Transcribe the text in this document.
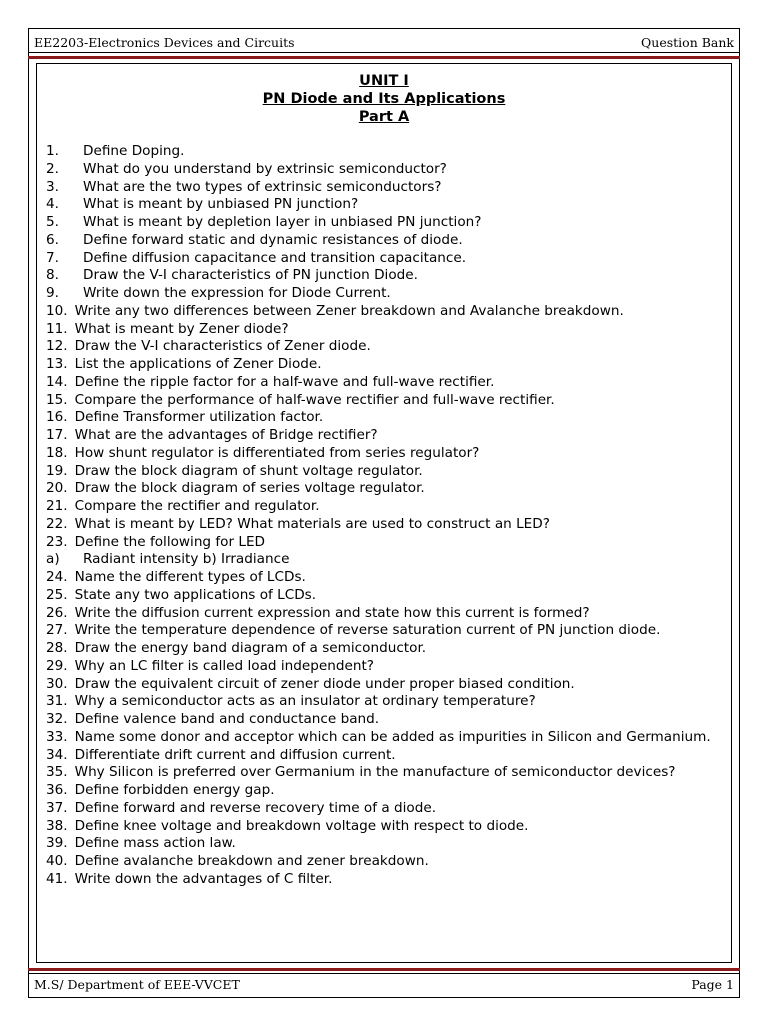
EE2203-Electronics Devices and Circuits	Question Bank
UNIT I
PN Diode and Its Applications
Part A
1. Define Doping.
2. What do you understand by extrinsic semiconductor?
3. What are the two types of extrinsic semiconductors?
4. What is meant by unbiased PN junction?
5. What is meant by depletion layer in unbiased PN junction?
6. Define forward static and dynamic resistances of diode.
7. Define diffusion capacitance and transition capacitance.
8. Draw the V-I characteristics of PN junction Diode.
9. Write down the expression for Diode Current.
10. Write any two differences between Zener breakdown and Avalanche breakdown.
11. What is meant by Zener diode?
12. Draw the V-I characteristics of Zener diode.
13. List the applications of Zener Diode.
14. Define the ripple factor for a half-wave and full-wave rectifier.
15. Compare the performance of half-wave rectifier and full-wave rectifier.
16. Define Transformer utilization factor.
17. What are the advantages of Bridge rectifier?
18. How shunt regulator is differentiated from series regulator?
19. Draw the block diagram of shunt voltage regulator.
20. Draw the block diagram of series voltage regulator.
21. Compare the rectifier and regulator.
22. What is meant by LED? What materials are used to construct an LED?
23. Define the following for LED
a) Radiant intensity b) Irradiance
24. Name the different types of LCDs.
25. State any two applications of LCDs.
26. Write the diffusion current expression and state how this current is formed?
27. Write the temperature dependence of reverse saturation current of PN junction diode.
28. Draw the energy band diagram of a semiconductor.
29. Why an LC filter is called load independent?
30. Draw the equivalent circuit of zener diode under proper biased condition.
31. Why a semiconductor acts as an insulator at ordinary temperature?
32. Define valence band and conductance band.
33. Name some donor and acceptor which can be added as impurities in Silicon and Germanium.
34. Differentiate drift current and diffusion current.
35. Why Silicon is preferred over Germanium in the manufacture of semiconductor devices?
36. Define forbidden energy gap.
37. Define forward and reverse recovery time of a diode.
38. Define knee voltage and breakdown voltage with respect to diode.
39. Define mass action law.
40. Define avalanche breakdown and zener breakdown.
41. Write down the advantages of C filter.
M.S/ Department of EEE-VVCET	Page 1
